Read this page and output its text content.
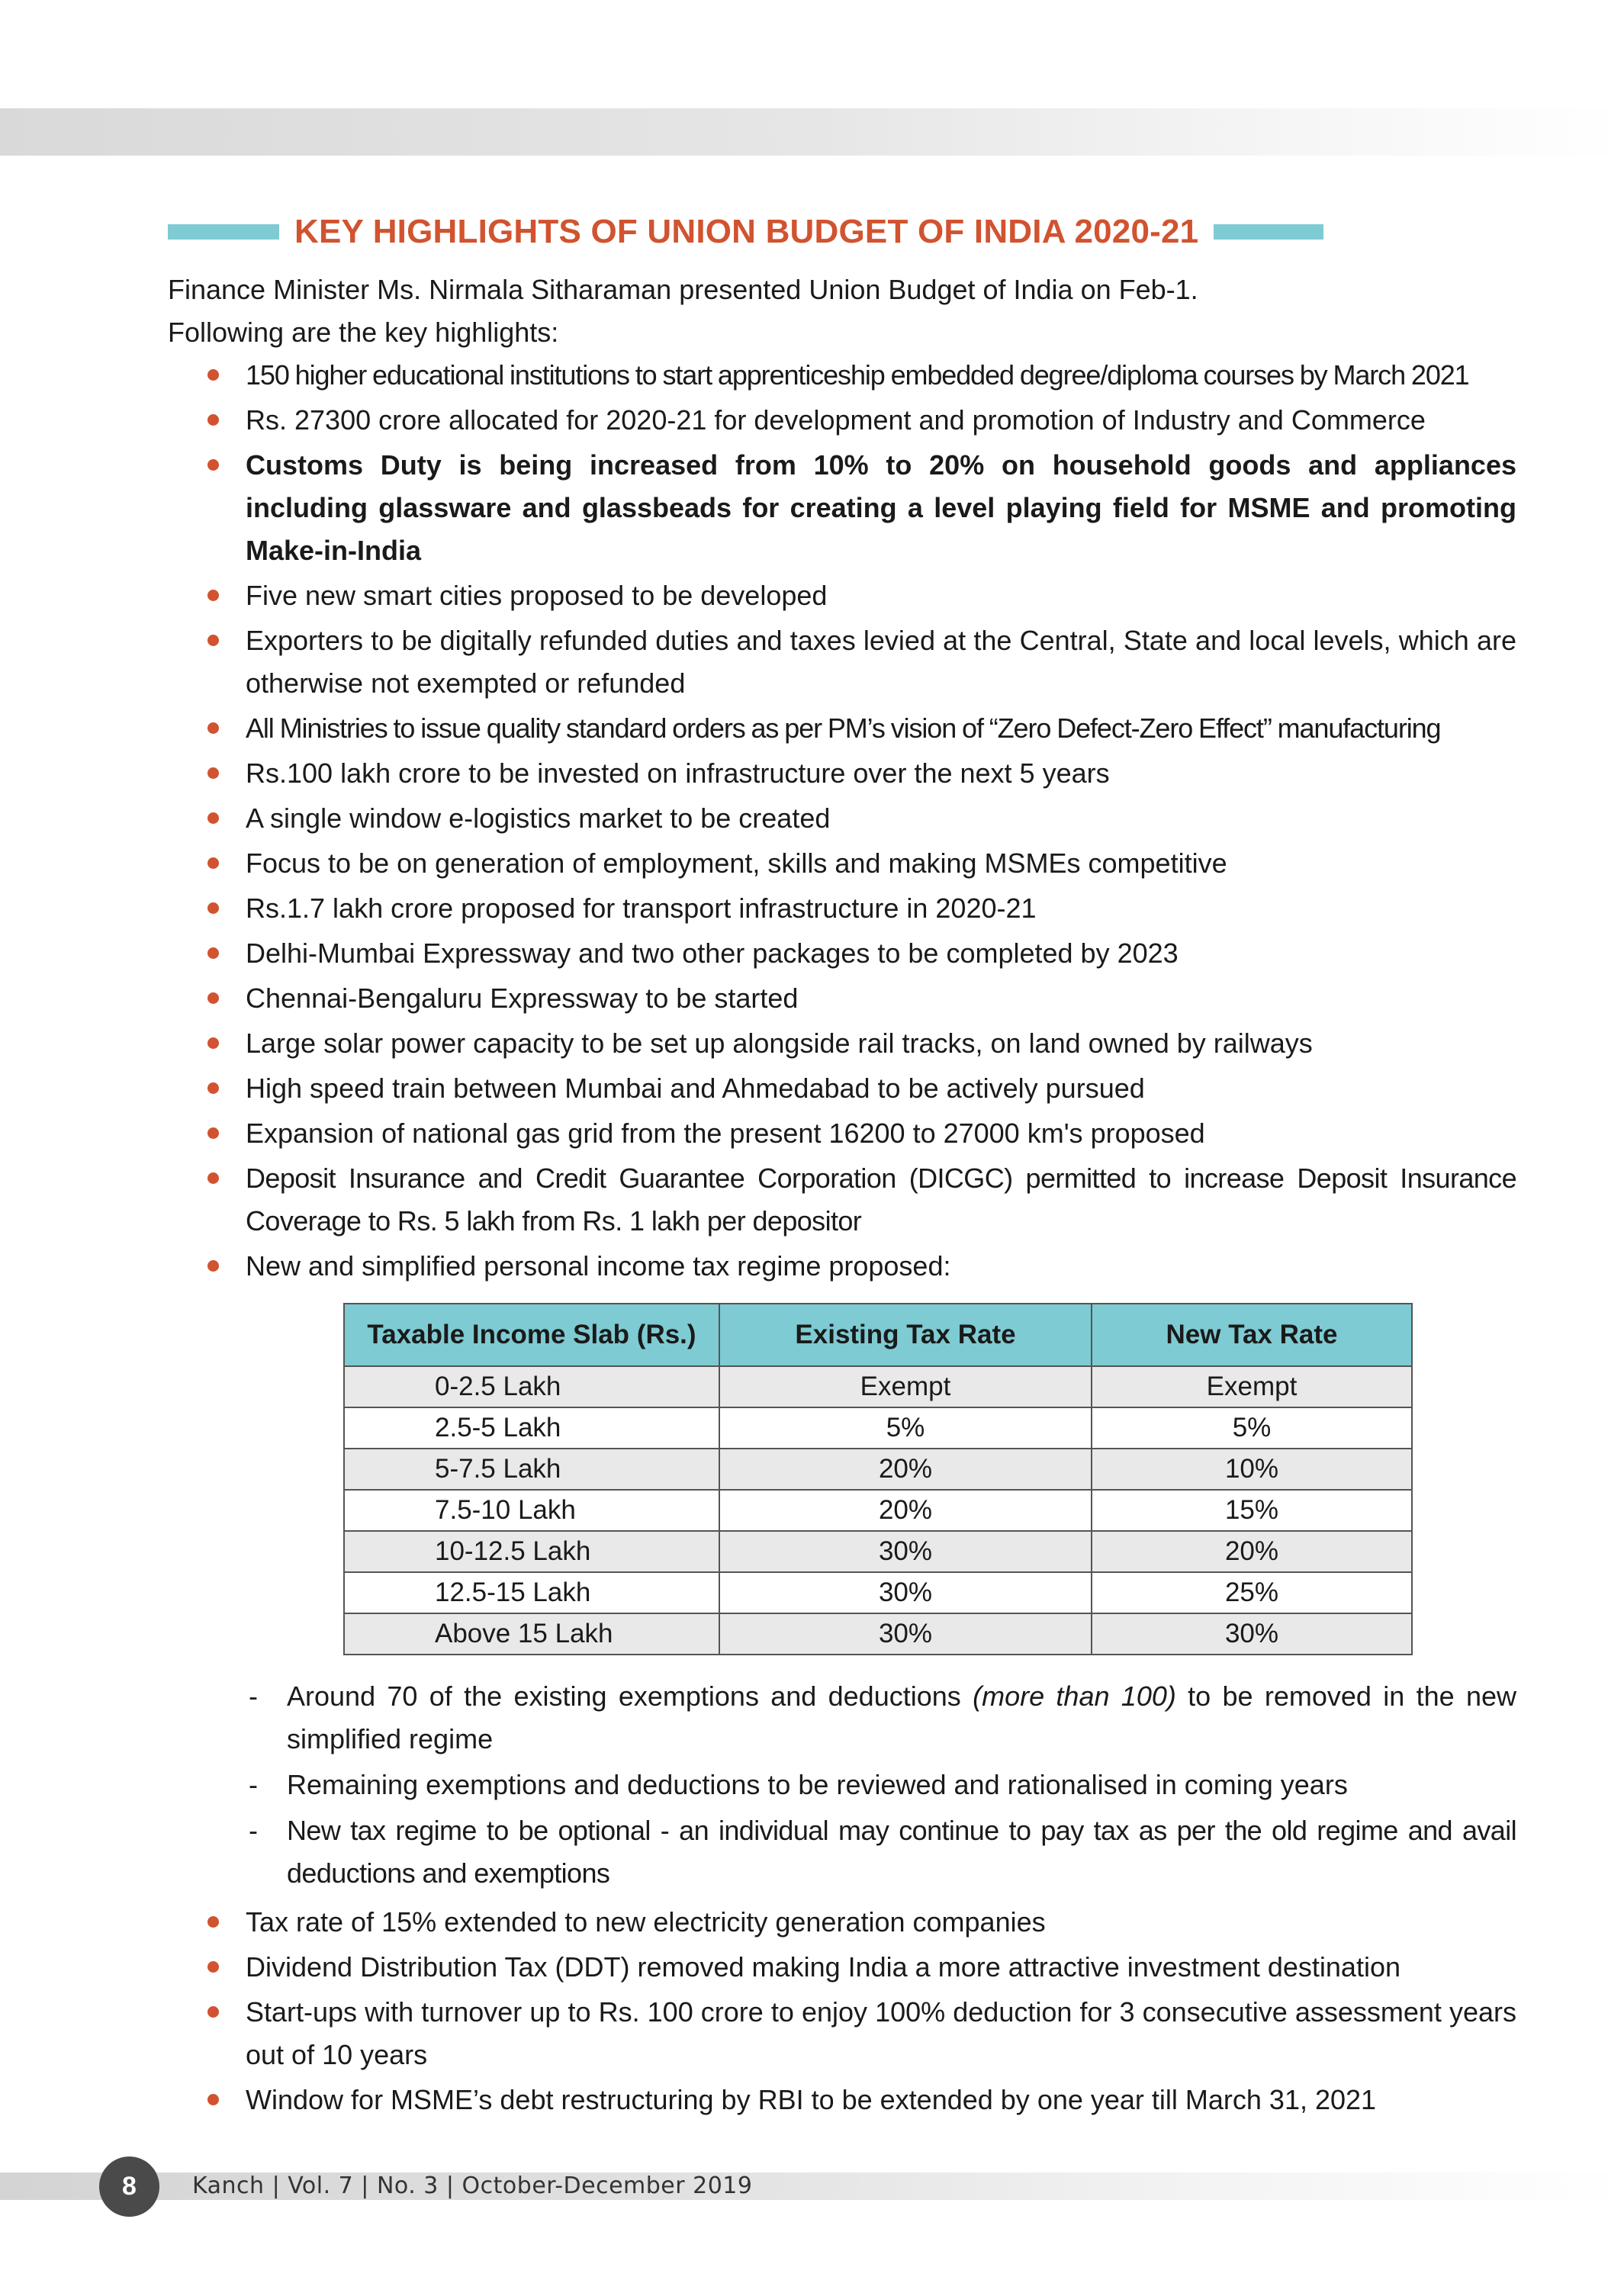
KEY HIGHLIGHTS OF UNION BUDGET OF INDIA 2020-21

Finance Minister Ms. Nirmala Sitharaman presented Union Budget of India on Feb-1.

Following are the key highlights:

150 higher educational institutions to start apprenticeship embedded degree/diploma courses by March 2021
Rs. 27300 crore allocated for 2020-21 for development and promotion of Industry and Commerce
Customs Duty is being increased from 10% to 20% on household goods and appliances including glassware and glassbeads for creating a level playing field for MSME and promoting Make-in-India
Five new smart cities proposed to be developed
Exporters to be digitally refunded duties and taxes levied at the Central, State and local levels, which are otherwise not exempted or refunded
All Ministries to issue quality standard orders as per PM’s vision of “Zero Defect-Zero Effect” manufacturing
Rs.100 lakh crore to be invested on infrastructure over the next 5 years
A single window e-logistics market to be created
Focus to be on generation of employment, skills and making MSMEs competitive
Rs.1.7 lakh crore proposed for transport infrastructure in 2020-21
Delhi-Mumbai Expressway and two other packages to be completed by 2023
Chennai-Bengaluru Expressway to be started
Large solar power capacity to be set up alongside rail tracks, on land owned by railways
High speed train between Mumbai and Ahmedabad to be actively pursued
Expansion of national gas grid from the present 16200 to 27000 km's proposed
Deposit Insurance and Credit Guarantee Corporation (DICGC) permitted to increase Deposit Insurance Coverage to Rs. 5 lakh from Rs. 1 lakh per depositor
New and simplified personal income tax regime proposed:
Taxable Income Slab (Rs.)	Existing Tax Rate	New Tax Rate
0-2.5 Lakh	Exempt	Exempt
2.5-5 Lakh	5%	5%
5-7.5 Lakh	20%	10%
7.5-10 Lakh	20%	15%
10-12.5 Lakh	30%	20%
12.5-15 Lakh	30%	25%
Above 15 Lakh	30%	30%
- Around 70 of the existing exemptions and deductions (more than 100) to be removed in the new simplified regime
- Remaining exemptions and deductions to be reviewed and rationalised in coming years
- New tax regime to be optional - an individual may continue to pay tax as per the old regime and avail deductions and exemptions
Tax rate of 15% extended to new electricity generation companies
Dividend Distribution Tax (DDT) removed making India a more attractive investment destination
Start-ups with turnover up to Rs. 100 crore to enjoy 100% deduction for 3 consecutive assessment years out of 10 years
Window for MSME’s debt restructuring by RBI to be extended by one year till March 31, 2021
8	Kanch | Vol. 7 | No. 3 | October-December 2019
